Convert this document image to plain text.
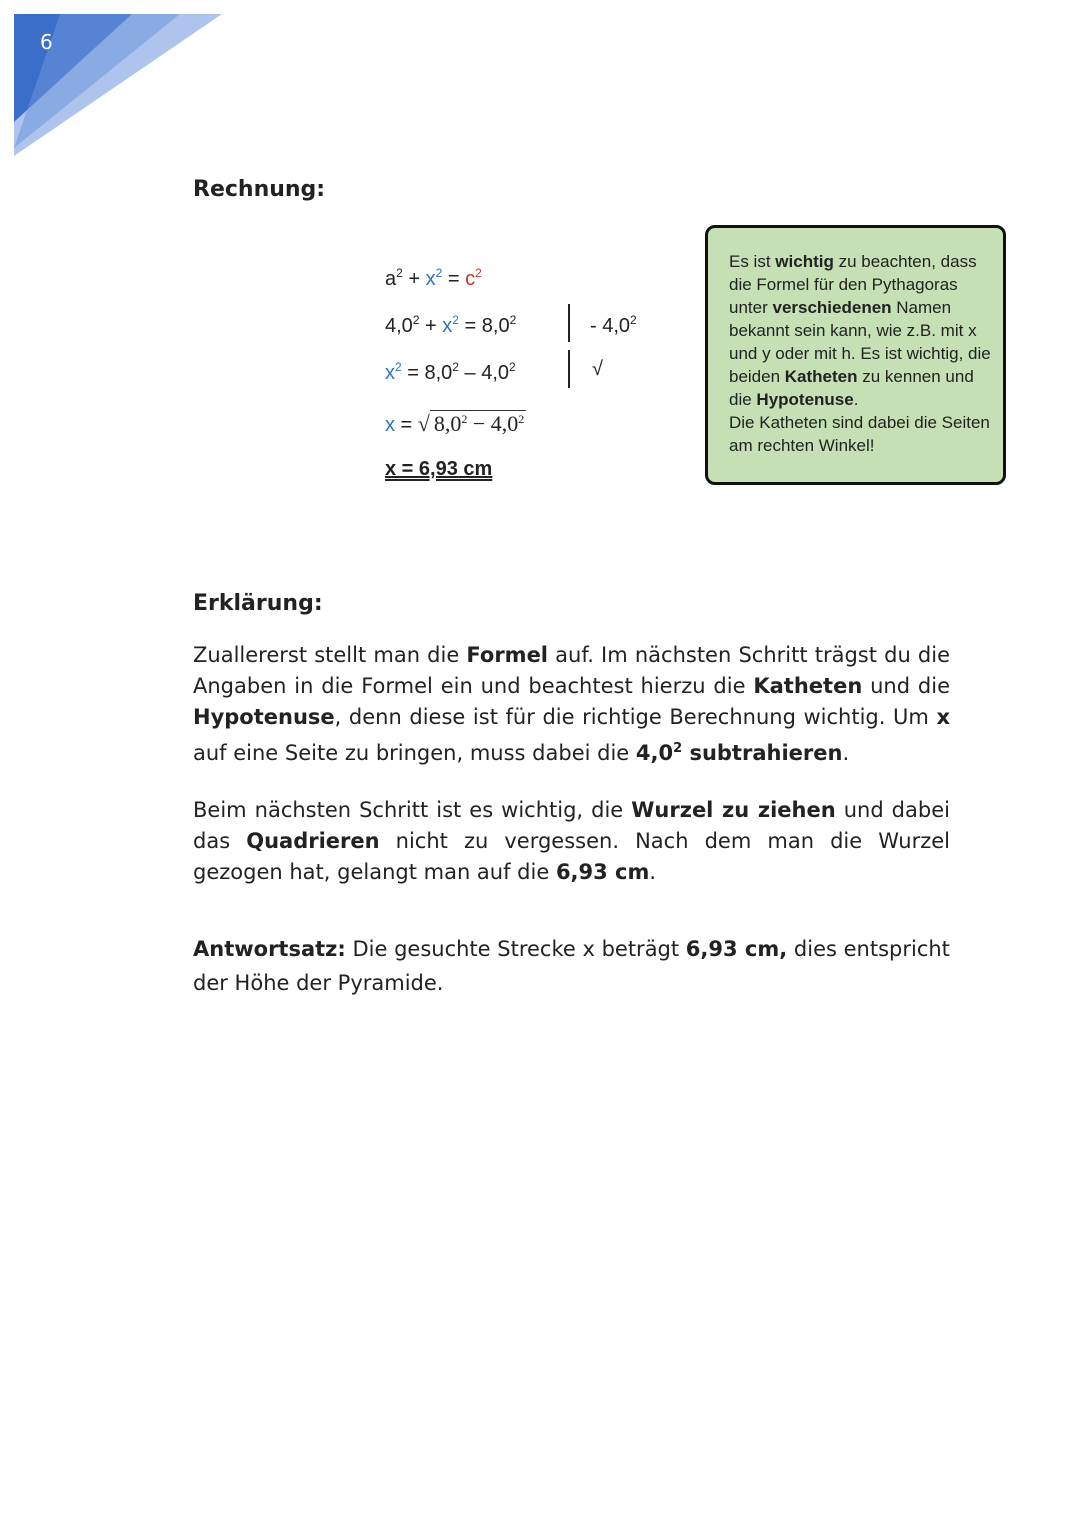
6
Rechnung:
$a^2 + x^2 = c^2$
$4,0^2 + x^2 = 8,0^2$	- $4,0^2$
$x^2 = 8,0^2 - 4,0^2$	√
x = √ $8,0^2 - 4,0^2$
x = 6,93 cm
Es ist wichtig zu beachten, dass die Formel für den Pythagoras unter verschiedenen Namen bekannt sein kann, wie z.B. mit x und y oder mit h. Es ist wichtig, die beiden Katheten zu kennen und die Hypotenuse.
Die Katheten sind dabei die Seiten am rechten Winkel!
Erklärung:

Zuallererst stellt man die Formel auf. Im nächsten Schritt trägst du die Angaben in die Formel ein und beachtest hierzu die Katheten und die Hypotenuse, denn diese ist für die richtige Berechnung wichtig. Um x auf eine Seite zu bringen, muss dabei die $4,0^2$ subtrahieren.

Beim nächsten Schritt ist es wichtig, die Wurzel zu ziehen und dabei das Quadrieren nicht zu vergessen. Nach dem man die Wurzel gezogen hat, gelangt man auf die 6,93 cm.

Antwortsatz: Die gesuchte Strecke x beträgt 6,93 cm, dies entspricht der Höhe der Pyramide.
